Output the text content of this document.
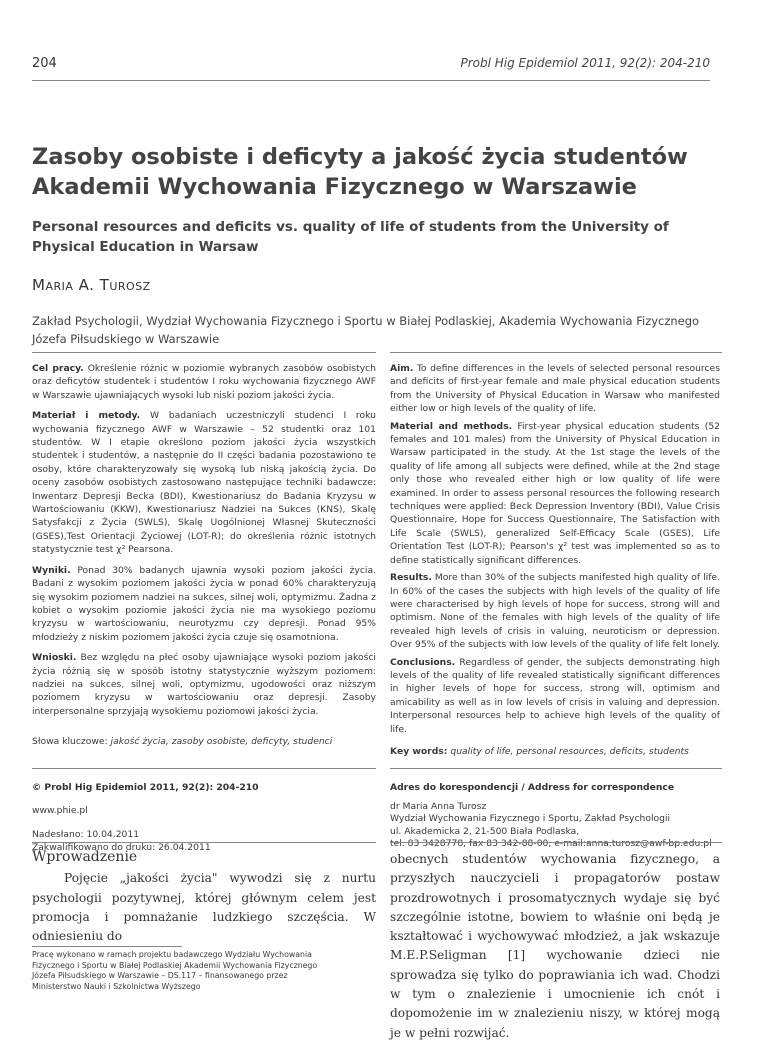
204	Probl Hig Epidemiol 2011, 92(2): 204-210
Zasoby osobiste i deficyty a jakość życia studentów Akademii Wychowania Fizycznego w Warszawie
Personal resources and deficits vs. quality of life of students from the University of Physical Education in Warsaw
Maria A. Turosz
Zakład Psychologii, Wydział Wychowania Fizycznego i Sportu w Białej Podlaskiej, Akademia Wychowania Fizycznego Józefa Piłsudskiego w Warszawie

Cel pracy. Określenie różnic w poziomie wybranych zasobów osobistych oraz deficytów studentek i studentów I roku wychowania fizycznego AWF w Warszawie ujawniających wysoki lub niski poziom jakości życia.

Materiał i metody. W badaniach uczestniczyli studenci I roku wychowania fizycznego AWF w Warszawie – 52 studentki oraz 101 studentów. W I etapie określono poziom jakości życia wszystkich studentek i studentów, a następnie do II części badania pozostawiono te osoby, które charakteryzowały się wysoką lub niską jakością życia. Do oceny zasobów osobistych zastosowano następujące techniki badawcze: Inwentarz Depresji Becka (BDI), Kwestionariusz do Badania Kryzysu w Wartościowaniu (KKW), Kwestionariusz Nadziei na Sukces (KNS), Skalę Satysfakcji z Życia (SWLS), Skalę Uogólnionej Własnej Skuteczności (GSES),Test Orientacji Życiowej (LOT-R); do określenia różnic istotnych statystycznie test χ² Pearsona.

Wyniki. Ponad 30% badanych ujawnia wysoki poziom jakości życia. Badani z wysokim poziomem jakości życia w ponad 60% charakteryzują się wysokim poziomem nadziei na sukces, silnej woli, optymizmu. Żadna z kobiet o wysokim poziomie jakości życia nie ma wysokiego poziomu kryzysu w wartościowaniu, neurotyzmu czy depresji. Ponad 95% młodzieży z niskim poziomem jakości życia czuje się osamotniona.

Wnioski. Bez względu na płeć osoby ujawniające wysoki poziom jakości życia różnią się w sposób istotny statystycznie wyższym poziomem: nadziei na sukces, silnej woli, optymizmu, ugodowości oraz niższym poziomem kryzysu w wartościowaniu oraz depresji. Zasoby interpersonalne sprzyjają wysokiemu poziomowi jakości życia.

Słowa kluczowe: jakość życia, zasoby osobiste, deficyty, studenci

Aim. To define differences in the levels of selected personal resources and deficits of first-year female and male physical education students from the University of Physical Education in Warsaw who manifested either low or high levels of the quality of life.

Material and methods. First-year physical education students (52 females and 101 males) from the University of Physical Education in Warsaw participated in the study. At the 1st stage the levels of the quality of life among all subjects were defined, while at the 2nd stage only those who revealed either high or low quality of life were examined. In order to assess personal resources the following research techniques were applied: Beck Depression Inventory (BDI), Value Crisis Questionnaire, Hope for Success Questionnaire, The Satisfaction with Life Scale (SWLS), generalized Self-Efficacy Scale (GSES), Life Orientation Test (LOT-R); Pearson's χ² test was implemented so as to define statistically significant differences.

Results. More than 30% of the subjects manifested high quality of life. In 60% of the cases the subjects with high levels of the quality of life were characterised by high levels of hope for success, strong will and optimism. None of the females with high levels of the quality of life revealed high levels of crisis in valuing, neuroticism or depression. Over 95% of the subjects with low levels of the quality of life felt lonely.

Conclusions. Regardless of gender, the subjects demonstrating high levels of the quality of life revealed statistically significant differences in higher levels of hope for success, strong will, optimism and amicability as well as in low levels of crisis in valuing and depression. Interpersonal resources help to achieve high levels of the quality of life.

Key words: quality of life, personal resources, deficits, students
© Probl Hig Epidemiol 2011, 92(2): 204-210
www.phie.pl
Nadesłano: 10.04.2011
Zakwalifikowano do druku: 26.04.2011
Adres do korespondencji / Address for correspondence
dr Maria Anna Turosz
Wydział Wychowania Fizycznego i Sportu, Zakład Psychologii
ul. Akademicka 2, 21-500 Biała Podlaska,
tel. 83 3428778, fax 83 342-88-00, e-mail:anna.turosz@awf-bp.edu.pl
Wprowadzenie
Pojęcie „jakości życia" wywodzi się z nurtu psychologii pozytywnej, której głównym celem jest promocja i pomnażanie ludzkiego szczęścia. W odniesieniu do
obecnych studentów wychowania fizycznego, a przyszłych nauczycieli i propagatorów postaw prozdrowotnych i prosomatycznych wydaje się być szczególnie istotne, bowiem to właśnie oni będą je kształtować i wychowywać młodzież, a jak wskazuje M.E.P.Seligman [1] wychowanie dzieci nie sprowadza się tylko do poprawiania ich wad. Chodzi w tym o znalezienie i umocnienie ich cnót i dopomożenie im w znalezieniu niszy, w której mogą je w pełni rozwijać.
Pracę wykonano w ramach projektu badawczego Wydziału Wychowania Fizycznego i Sportu w Białej Podlaskiej Akademii Wychowania Fizycznego Józefa Piłsudskiego w Warszawie – DS.117 – finansowanego przez Ministerstwo Nauki i Szkolnictwa Wyższego
